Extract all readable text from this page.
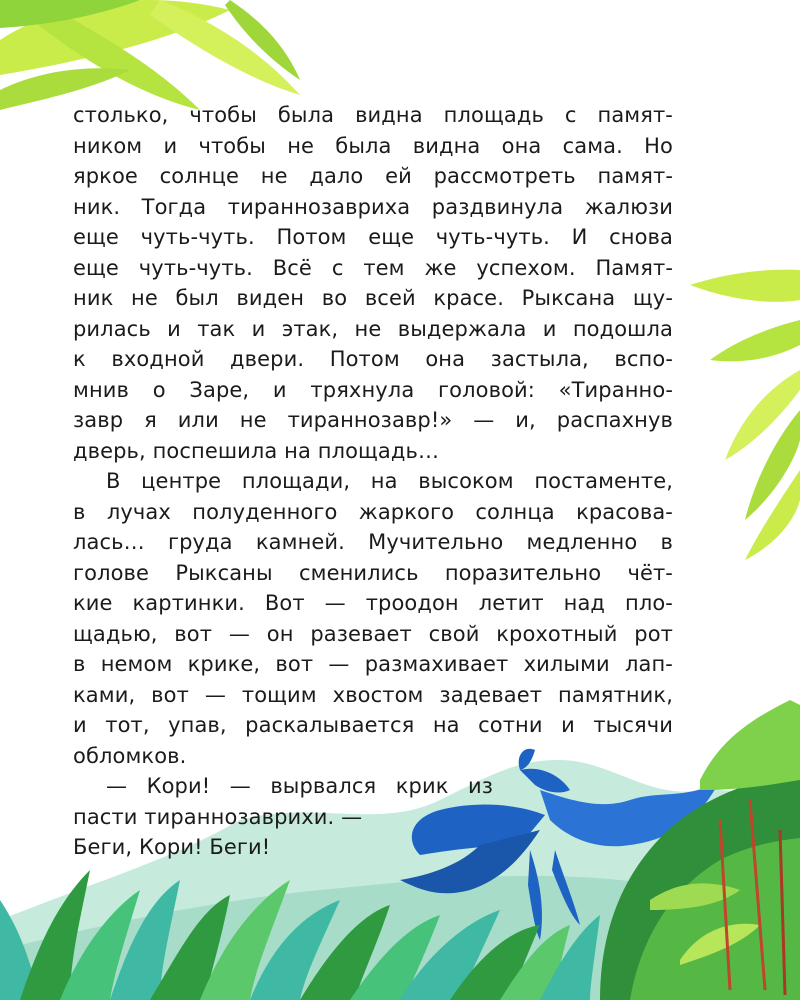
столько, чтобы была видна площадь с памят-
ником и чтобы не была видна она сама. Но
яркое солнце не дало ей рассмотреть памят-
ник. Тогда тираннозавриха раздвинула жалюзи
еще чуть-чуть. Потом еще чуть-чуть. И снова
еще чуть-чуть. Всё с тем же успехом. Памят-
ник не был виден во всей красе. Рыксана щу-
рилась и так и этак, не выдержала и подошла
к входной двери. Потом она застыла, вспо-
мнив о Заре, и тряхнула головой: «Тиранно-
завр я или не тираннозавр!» — и, распахнув
дверь, поспешила на площадь…
В центре площади, на высоком постаменте,
в лучах полуденного жаркого солнца красова-
лась… груда камней. Мучительно медленно в
голове Рыксаны сменились поразительно чёт-
кие картинки. Вот — троодон летит над пло-
щадью, вот — он разевает свой крохотный рот
в немом крике, вот — размахивает хилыми лап-
ками, вот — тощим хвостом задевает памятник,
и тот, упав, раскалывается на сотни и тысячи
обломков.
— Кори! — вырвался крик из
пасти тираннозаврихи. —
Беги, Кори! Беги!
